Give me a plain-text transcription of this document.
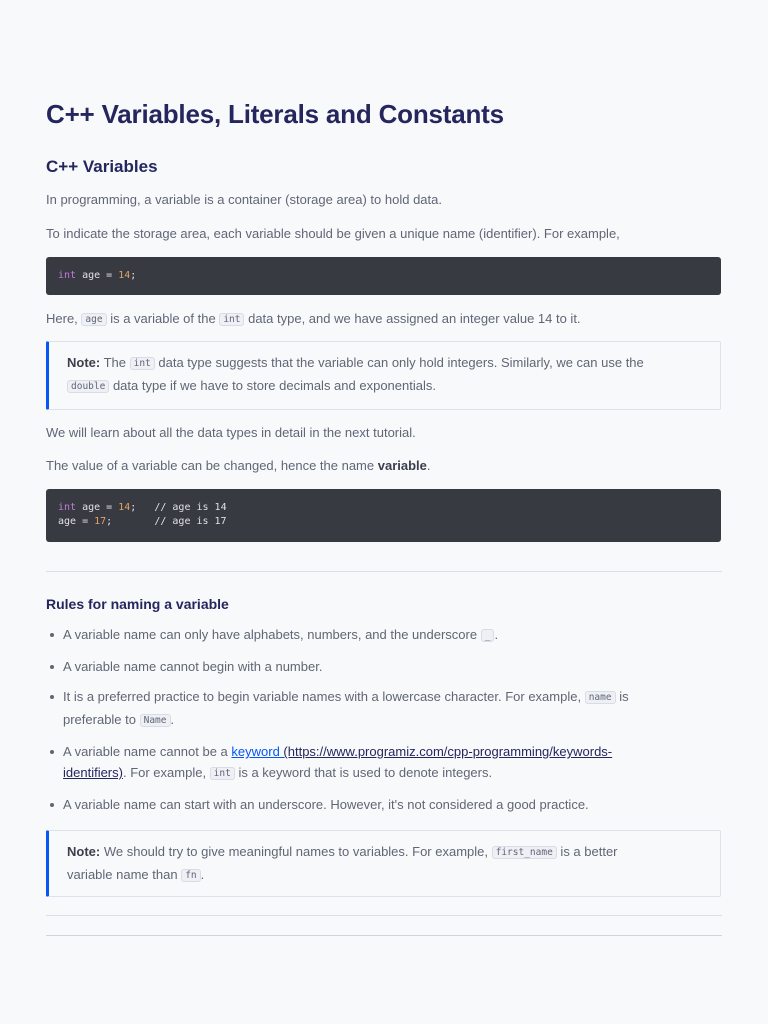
C++ Variables, Literals and Constants
C++ Variables

In programming, a variable is a container (storage area) to hold data.

To indicate the storage area, each variable should be given a unique name (identifier). For example,

int age = 14;

Here, age is a variable of the int data type, and we have assigned an integer value 14 to it.

Note: The int data type suggests that the variable can only hold integers. Similarly, we can use the
double data type if we have to store decimals and exponentials.

We will learn about all the data types in detail in the next tutorial.

The value of a variable can be changed, hence the name variable.

int age = 14;   // age is 14
age = 17;       // age is 17
Rules for naming a variable
A variable name can only have alphabets, numbers, and the underscore _ .
A variable name cannot begin with a number.
It is a preferred practice to begin variable names with a lowercase character. For example, name is
preferable to Name .
A variable name cannot be a keyword (https://www.programiz.com/cpp-programming/keywords-
identifiers). For example, int is a keyword that is used to denote integers.
A variable name can start with an underscore. However, it's not considered a good practice.
Note: We should try to give meaningful names to variables. For example, first_name is a better
variable name than fn .
